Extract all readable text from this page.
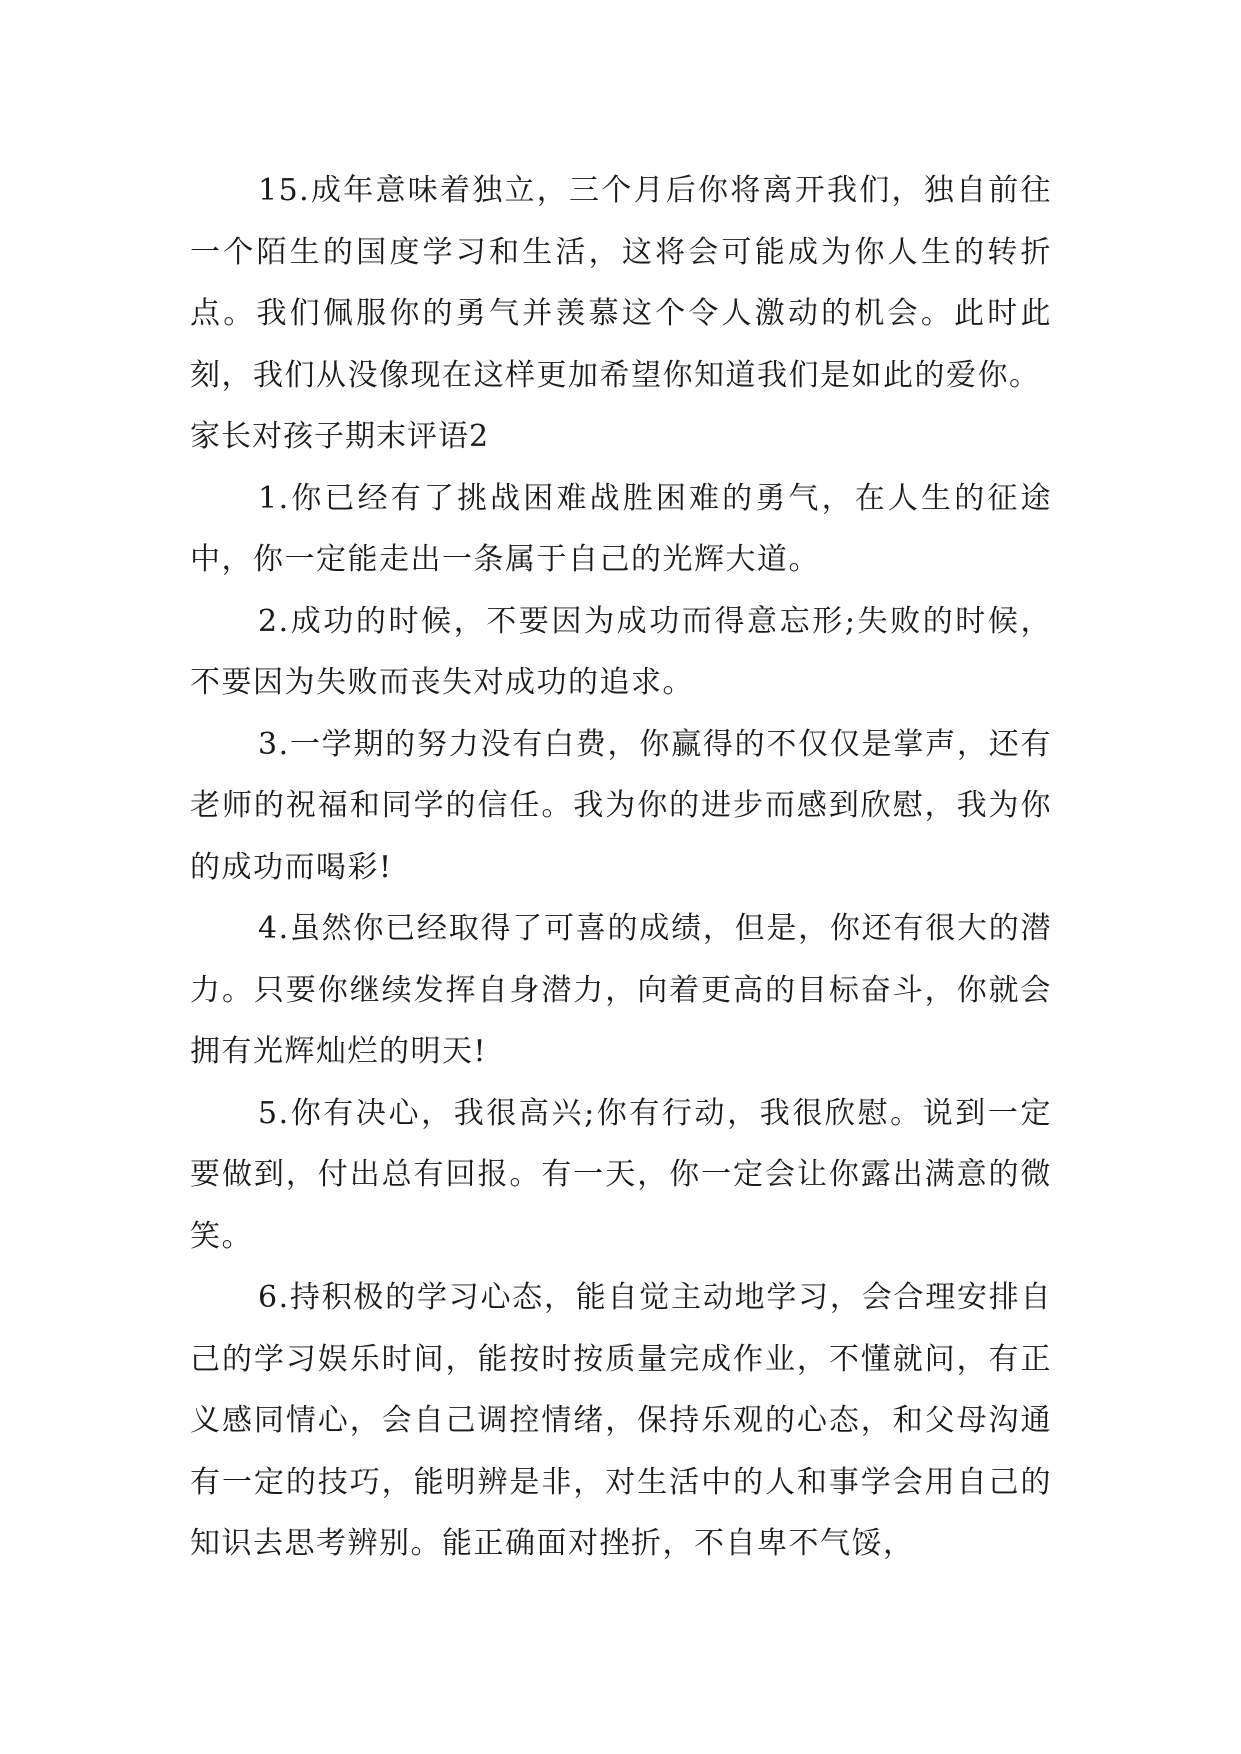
15.成年意味着独立，三个月后你将离开我们，独自前往一个陌生的国度学习和生活，这将会可能成为你人生的转折点。我们佩服你的勇气并羡慕这个令人激动的机会。此时此刻，我们从没像现在这样更加希望你知道我们是如此的爱你。

家长对孩子期末评语2

1.你已经有了挑战困难战胜困难的勇气，在人生的征途中，你一定能走出一条属于自己的光辉大道。

2.成功的时候，不要因为成功而得意忘形;失败的时候，不要因为失败而丧失对成功的追求。

3.一学期的努力没有白费，你赢得的不仅仅是掌声，还有老师的祝福和同学的信任。我为你的进步而感到欣慰，我为你的成功而喝彩!

4.虽然你已经取得了可喜的成绩，但是，你还有很大的潜力。只要你继续发挥自身潜力，向着更高的目标奋斗，你就会拥有光辉灿烂的明天!

5.你有决心，我很高兴;你有行动，我很欣慰。说到一定要做到，付出总有回报。有一天，你一定会让你露出满意的微笑。

6.持积极的学习心态，能自觉主动地学习，会合理安排自己的学习娱乐时间，能按时按质量完成作业，不懂就问，有正义感同情心，会自己调控情绪，保持乐观的心态，和父母沟通有一定的技巧，能明辨是非，对生活中的人和事学会用自己的知识去思考辨别。能正确面对挫折，不自卑不气馁，
